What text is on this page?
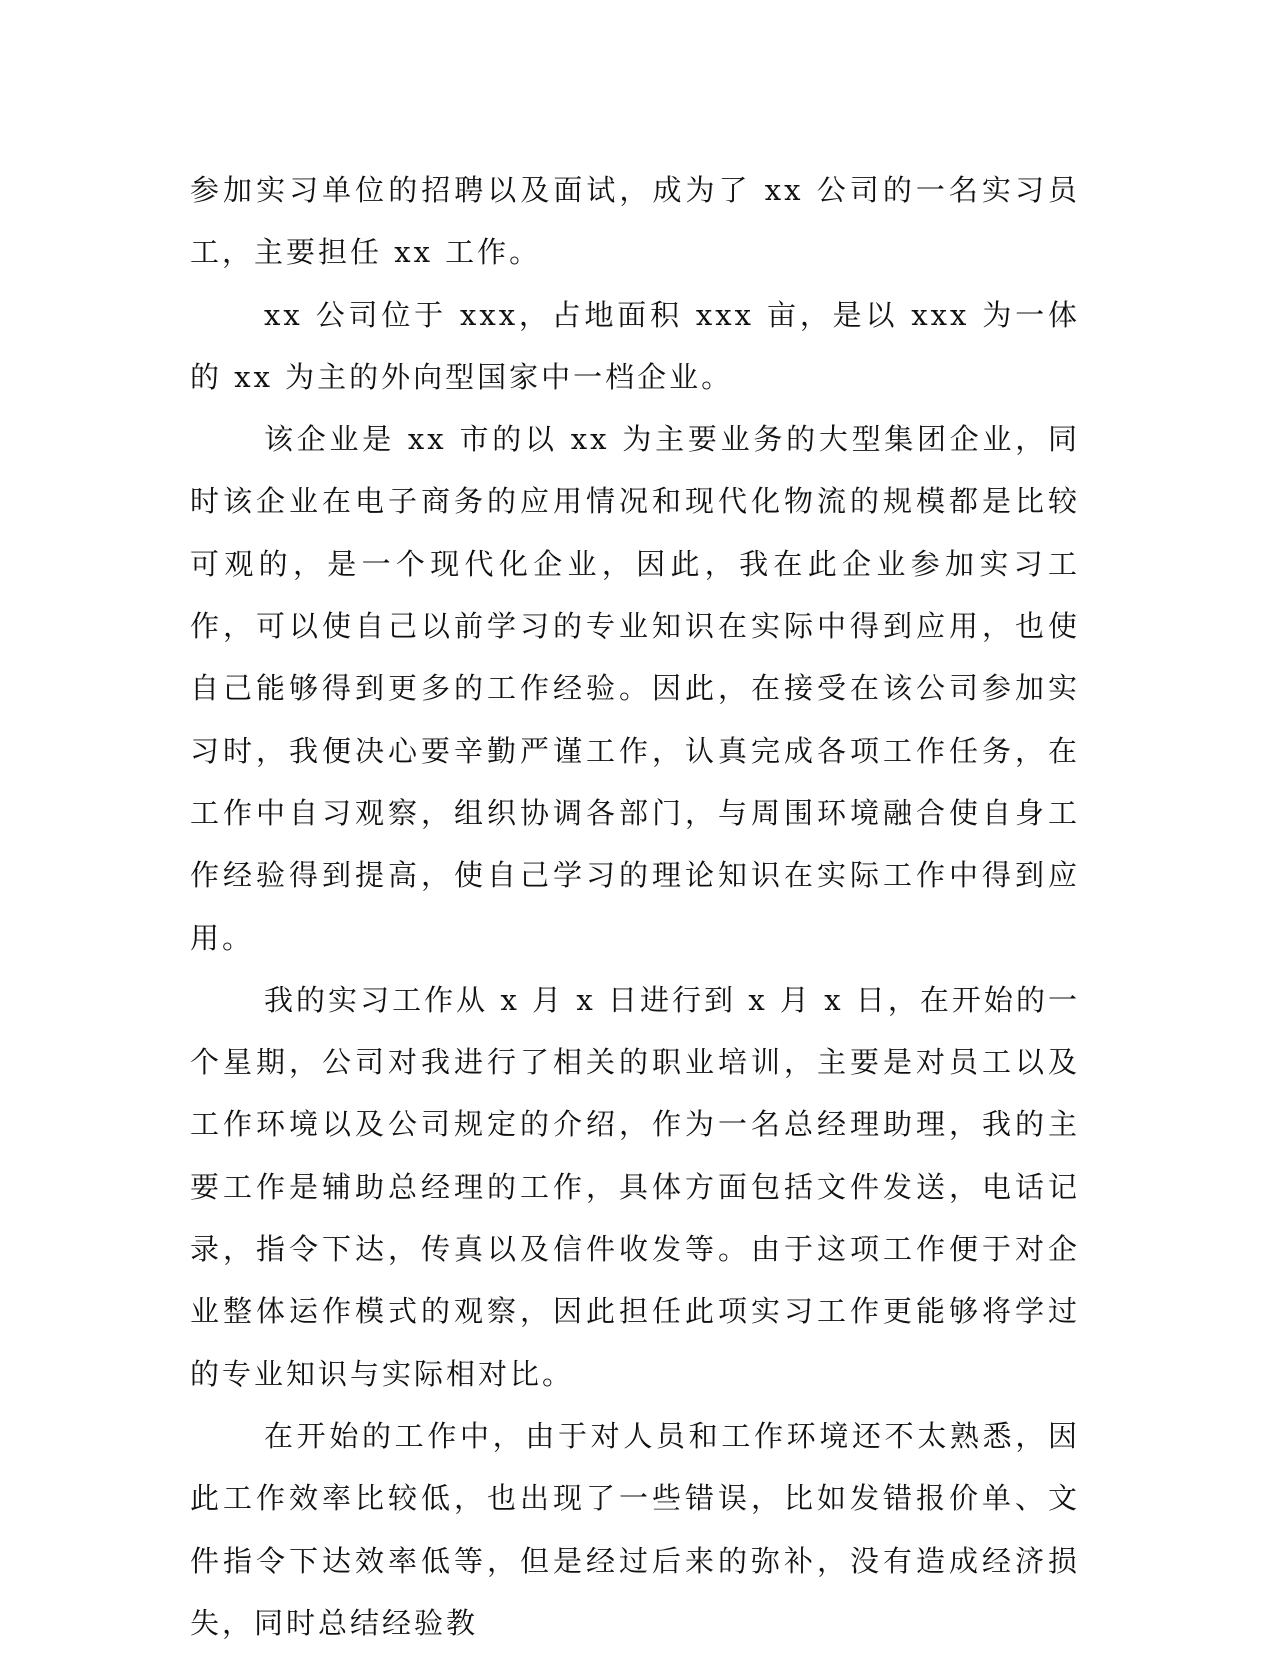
参加实习单位的招聘以及面试，成为了 xx 公司的一名实习员工，主要担任 xx 工作。

xx 公司位于 xxx，占地面积 xxx 亩，是以 xxx 为一体的 xx 为主的外向型国家中一档企业。

该企业是 xx 市的以 xx 为主要业务的大型集团企业，同时该企业在电子商务的应用情况和现代化物流的规模都是比较可观的，是一个现代化企业，因此，我在此企业参加实习工作，可以使自己以前学习的专业知识在实际中得到应用，也使自己能够得到更多的工作经验。因此，在接受在该公司参加实习时，我便决心要辛勤严谨工作，认真完成各项工作任务，在工作中自习观察，组织协调各部门，与周围环境融合使自身工作经验得到提高，使自己学习的理论知识在实际工作中得到应用。

我的实习工作从 x 月 x 日进行到 x 月 x 日，在开始的一个星期，公司对我进行了相关的职业培训，主要是对员工以及工作环境以及公司规定的介绍，作为一名总经理助理，我的主要工作是辅助总经理的工作，具体方面包括文件发送，电话记录，指令下达，传真以及信件收发等。由于这项工作便于对企业整体运作模式的观察，因此担任此项实习工作更能够将学过的专业知识与实际相对比。

在开始的工作中，由于对人员和工作环境还不太熟悉，因此工作效率比较低，也出现了一些错误，比如发错报价单、文件指令下达效率低等，但是经过后来的弥补，没有造成经济损失，同时总结经验教
